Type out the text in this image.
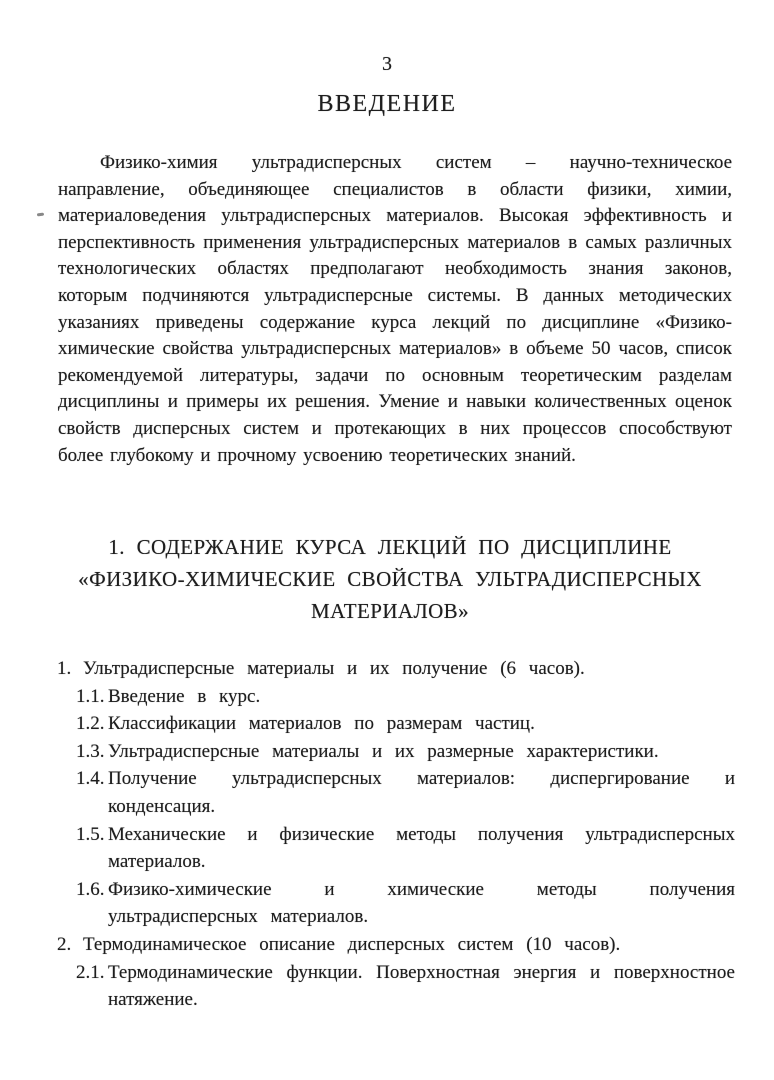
3
ВВЕДЕНИЕ

Физико-химия ультрадисперсных систем – научно-техническое направление, объединяющее специалистов в области физики, химии, материаловедения ультрадисперсных материалов. Высокая эффективность и перспективность применения ультрадисперсных материалов в самых различных технологических областях предполагают необходимость знания законов, которым подчиняются ультрадисперсные системы. В данных методических указаниях приведены содержание курса лекций по дисциплине «Физико-химические свойства ультрадисперсных материалов» в объеме 50 часов, список рекомендуемой литературы, задачи по основным теоретическим разделам дисциплины и примеры их решения. Умение и навыки количественных оценок свойств дисперсных систем и протекающих в них процессов способствуют более глубокому и прочному усвоению теоретических знаний.

1. СОДЕРЖАНИЕ КУРСА ЛЕКЦИЙ ПО ДИСЦИПЛИНЕ
«ФИЗИКО-ХИМИЧЕСКИЕ СВОЙСТВА УЛЬТРАДИСПЕРСНЫХ
МАТЕРИАЛОВ»
1. Ультрадисперсные материалы и их получение (6 часов).
1.1. Введение в курс.
1.2. Классификации материалов по размерам частиц.
1.3. Ультрадисперсные материалы и их размерные характеристики.
1.4. Получение ультрадисперсных материалов: диспергирование и конденсация.
1.5. Механические и физические методы получения ультрадисперсных материалов.
1.6. Физико-химические и химические методы получения ультрадисперсных материалов.
2. Термодинамическое описание дисперсных систем (10 часов).
2.1. Термодинамические функции. Поверхностная энергия и поверхностное натяжение.
